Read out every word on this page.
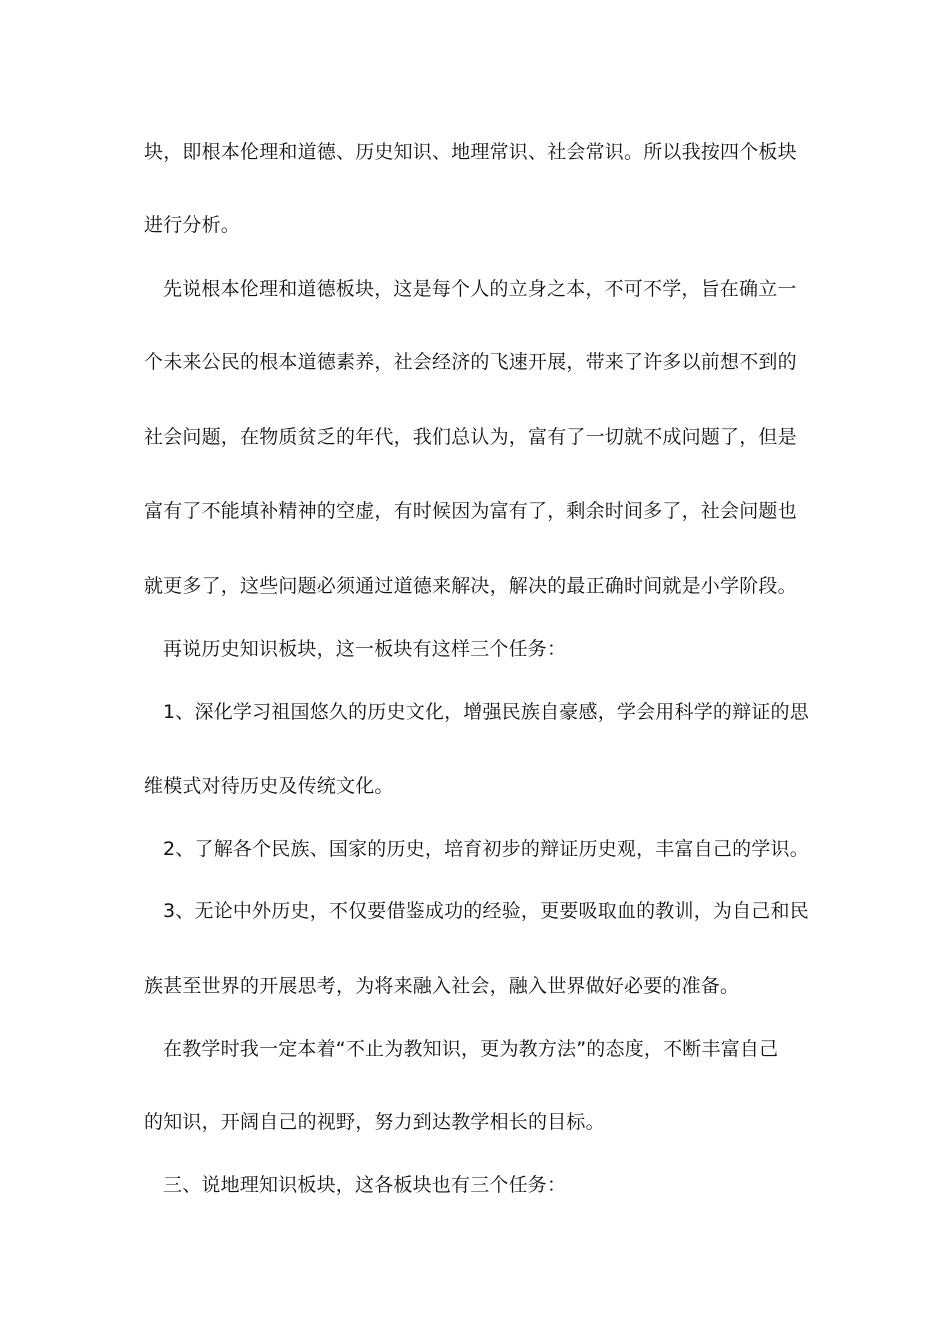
块，即根本伦理和道德、历史知识、地理常识、社会常识。所以我按四个板块
进行分析。
先说根本伦理和道德板块，这是每个人的立身之本，不可不学，旨在确立一
个未来公民的根本道德素养，社会经济的飞速开展，带来了许多以前想不到的
社会问题，在物质贫乏的年代，我们总认为，富有了一切就不成问题了，但是
富有了不能填补精神的空虚，有时候因为富有了，剩余时间多了，社会问题也
就更多了，这些问题必须通过道德来解决，解决的最正确时间就是小学阶段。
再说历史知识板块，这一板块有这样三个任务：
1、深化学习祖国悠久的历史文化，增强民族自豪感，学会用科学的辩证的思
维模式对待历史及传统文化。
2、了解各个民族、国家的历史，培育初步的辩证历史观，丰富自己的学识。
3、无论中外历史，不仅要借鉴成功的经验，更要吸取血的教训，为自己和民
族甚至世界的开展思考，为将来融入社会，融入世界做好必要的准备。
在教学时我一定本着“不止为教知识，更为教方法”的态度，不断丰富自己
的知识，开阔自己的视野，努力到达教学相长的目标。
三、说地理知识板块，这各板块也有三个任务：
